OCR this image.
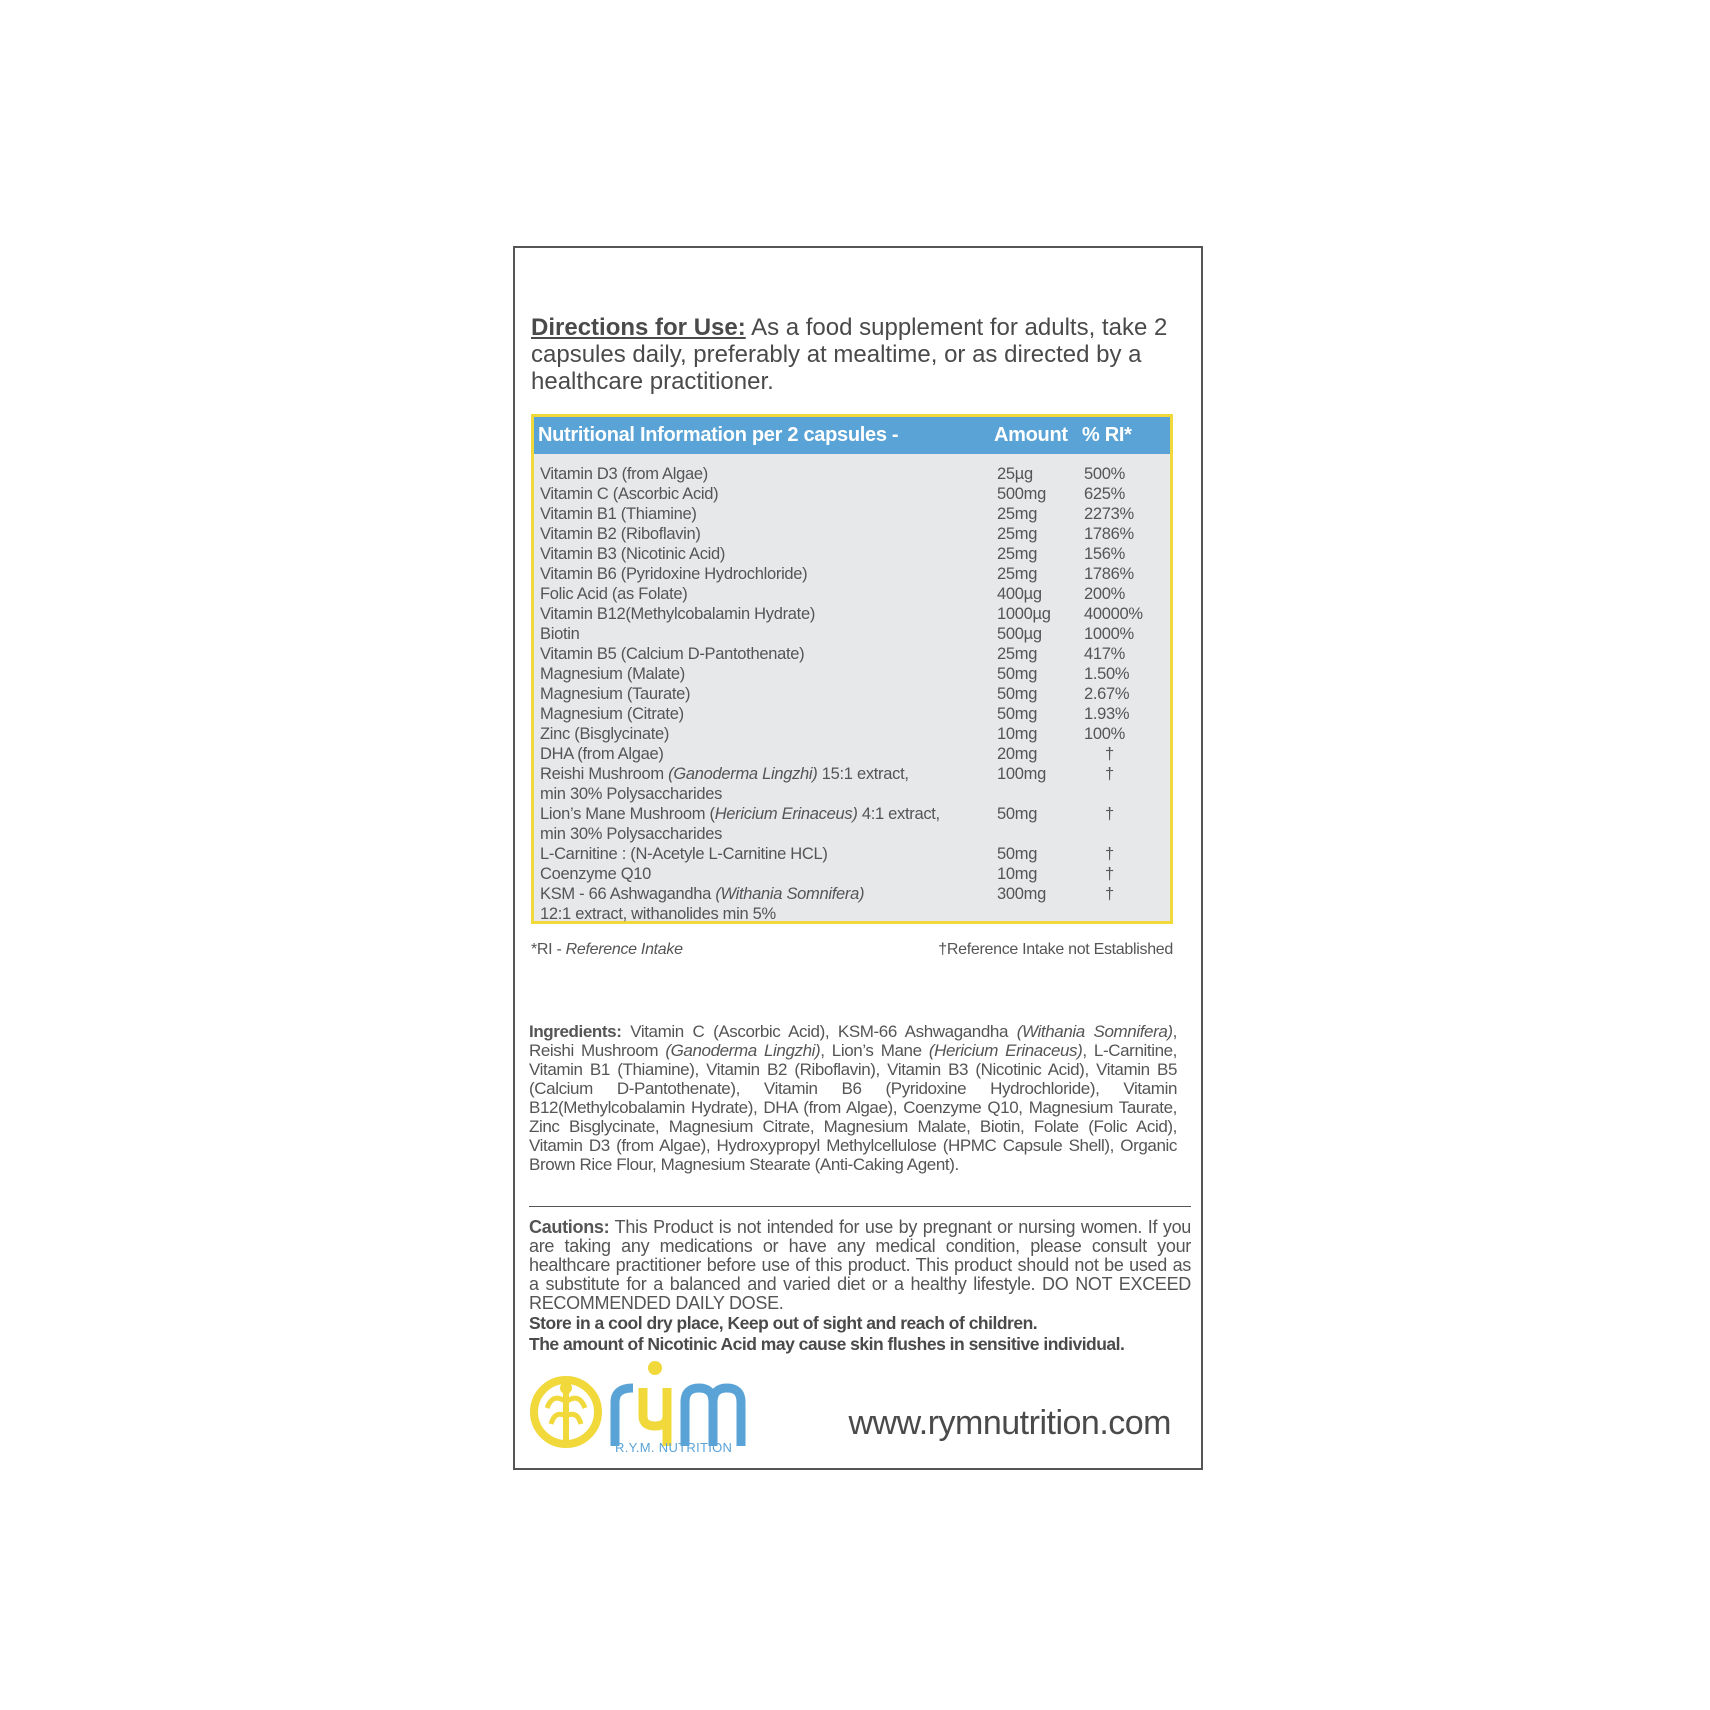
Directions for Use: As a food supplement for adults, take 2 capsules daily, preferably at mealtime, or as directed by a healthcare practitioner.

Nutritional Information per 2 capsules -	Amount % RI*
Vitamin D3 (from Algae)	25µg	500%
Vitamin C (Ascorbic Acid)	500mg 625%
Vitamin B1 (Thiamine)	25mg	2273%
Vitamin B2 (Riboflavin)	25mg	1786%
Vitamin B3 (Nicotinic Acid)	25mg	156%
Vitamin B6 (Pyridoxine Hydrochloride)	25mg	1786%
Folic Acid (as Folate)	400µg	200%
Vitamin B12(Methylcobalamin Hydrate)	1000µg 40000%
Biotin	500µg	1000%
Vitamin B5 (Calcium D-Pantothenate)	25mg	417%
Magnesium (Malate)	50mg	1.50%
Magnesium (Taurate)	50mg	2.67%
Magnesium (Citrate)	50mg	1.93%
Zinc (Bisglycinate)	10mg	100%
DHA (from Algae)	20mg	†
Reishi Mushroom (Ganoderma Lingzhi) 15:1 extract,
min 30% Polysaccharides
100mg	†
Lion’s Mane Mushroom (Hericium Erinaceus) 4:1 extract,
min 30% Polysaccharides
50mg	†
L-Carnitine : (N-Acetyle L-Carnitine HCL)	50mg	†
Coenzyme Q10	10mg	†
KSM - 66 Ashwagandha (Withania Somnifera)
12:1 extract, withanolides min 5%
300mg	†
*RI - Reference Intake	†Reference Intake not Established

Ingredients: Vitamin C (Ascorbic Acid), KSM-66 Ashwagandha (Withania Somnifera), Reishi Mushroom (Ganoderma Lingzhi), Lion’s Mane (Hericium Erinaceus), L-Carnitine, Vitamin B1 (Thiamine), Vitamin B2 (Riboflavin), Vitamin B3 (Nicotinic Acid), Vitamin B5 (Calcium D-Pantothenate), Vitamin B6 (Pyridoxine Hydrochloride), Vitamin B12(Methylcobalamin Hydrate), DHA (from Algae), Coenzyme Q10, Magnesium Taurate, Zinc Bisglycinate, Magnesium Citrate, Magnesium Malate, Biotin, Folate (Folic Acid), Vitamin D3 (from Algae), Hydroxypropyl Methylcellulose (HPMC Capsule Shell), Organic Brown Rice Flour, Magnesium Stearate (Anti-Caking Agent).

Cautions: This Product is not intended for use by pregnant or nursing women. If you are taking any medications or have any medical condition, please consult your healthcare practitioner before use of this product. This product should not be used as a substitute for a balanced and varied diet or a healthy lifestyle. DO NOT EXCEED RECOMMENDED DAILY DOSE.

Store in a cool dry place, Keep out of sight and reach of children.
The amount of Nicotinic Acid may cause skin flushes in sensitive individual.
R.Y.M. NUTRITION
www.rymnutrition.com
